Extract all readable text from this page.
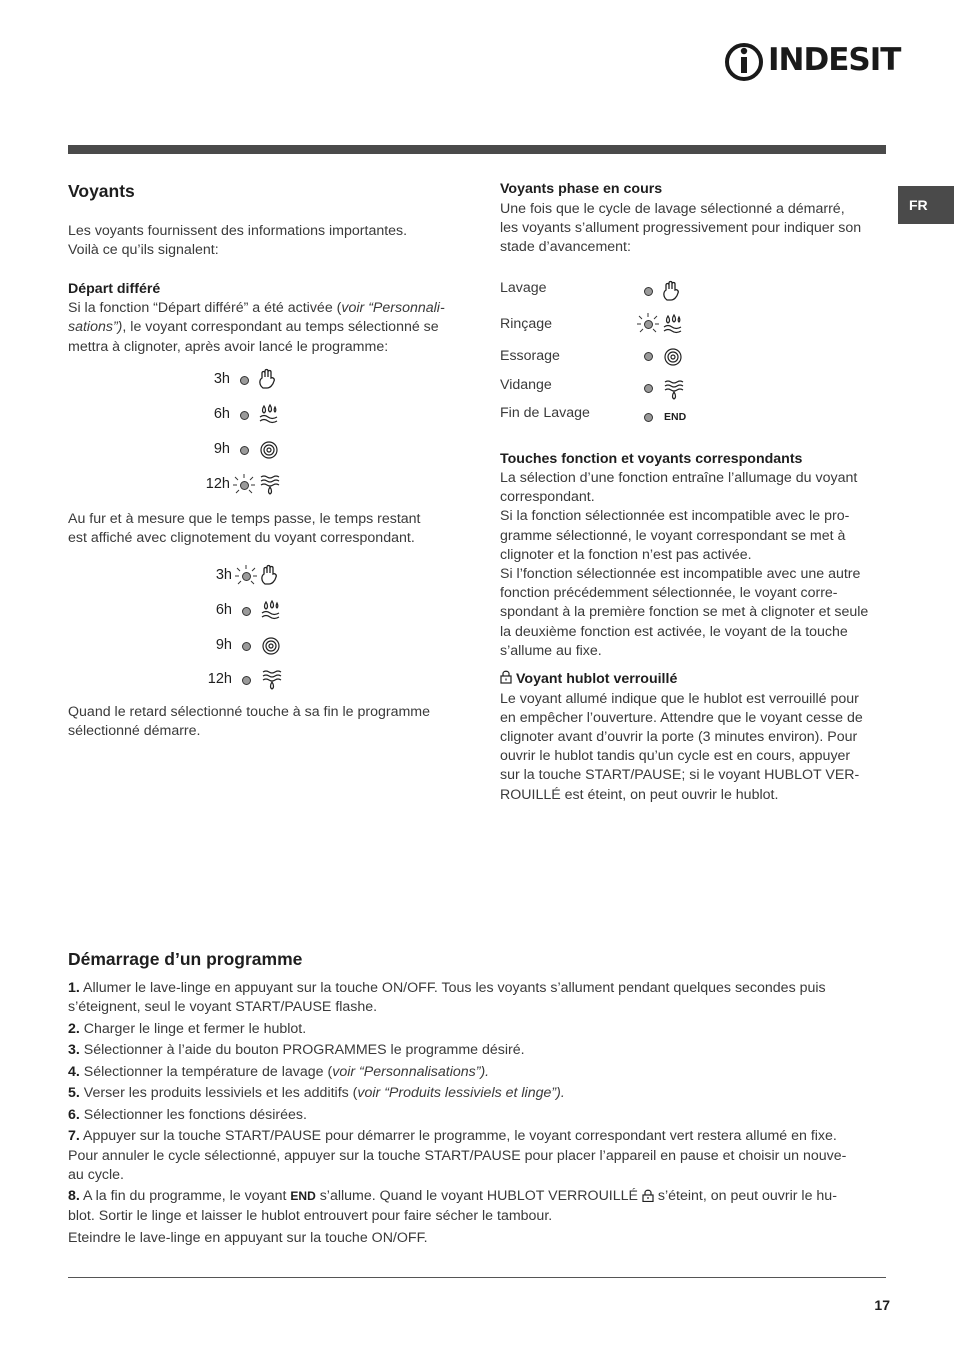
INDESIT
FR
Voyants

Les voyants fournissent des informations importantes.

Voilà ce qu’ils signalent:

Départ différé

Si la fonction “Départ différé” a été activée (voir “Personnali-

sations”), le voyant correspondant au temps sélectionné se

mettra à clignoter, après avoir lancé le programme:

3h
6h
9h
12h

Au fur et à mesure que le temps passe, le temps restant

est affiché avec clignotement du voyant correspondant.

3h
6h
9h
12h

Quand le retard sélectionné touche à sa fin le programme

sélectionné démarre.

Voyants phase en cours

Une fois que le cycle de lavage sélectionné a démarré,

les voyants s’allument progressivement pour indiquer son

stade d’avancement:

Lavage
Rinçage
Essorage
Vidange
Fin de Lavage	END

Touches fonction et voyants correspondants

La sélection d’une fonction entraîne l’allumage du voyant

correspondant.

Si la fonction sélectionnée est incompatible avec le pro-

gramme sélectionné, le voyant correspondant se met à

clignoter et la fonction n’est pas activée.

Si l’fonction sélectionnée est incompatible avec une autre

fonction précédemment sélectionnée, le voyant corre-

spondant à la première fonction se met à clignoter et seule

la deuxième fonction est activée, le voyant de la touche

s’allume au fixe.

Voyant hublot verrouillé

Le voyant allumé indique que le hublot est verrouillé pour

en empêcher l’ouverture. Attendre que le voyant cesse de

clignoter avant d’ouvrir la porte (3 minutes environ). Pour

ouvrir le hublot tandis qu’un cycle est en cours, appuyer

sur la touche START/PAUSE; si le voyant HUBLOT VER-

ROUILLÉ est éteint, on peut ouvrir le hublot.

Démarrage d’un programme

1. Allumer le lave-linge en appuyant sur la touche ON/OFF. Tous les voyants s’allument pendant quelques secondes puis

s’éteignent, seul le voyant START/PAUSE flashe.

2. Charger le linge et fermer le hublot.

3. Sélectionner à l’aide du bouton PROGRAMMES le programme désiré.

4. Sélectionner la température de lavage (voir “Personnalisations”).

5. Verser les produits lessiviels et les additifs (voir “Produits lessiviels et linge”).

6. Sélectionner les fonctions désirées.

7. Appuyer sur la touche START/PAUSE pour démarrer le programme, le voyant correspondant vert restera allumé en fixe.

Pour annuler le cycle sélectionné, appuyer sur la touche START/PAUSE pour placer l’appareil en pause et choisir un nouve-

au cycle.

8. A la fin du programme, le voyant END s’allume. Quand le voyant HUBLOT VERROUILLÉ  s’éteint, on peut ouvrir le hu-

blot. Sortir le linge et laisser le hublot entrouvert pour faire sécher le tambour.

Eteindre le lave-linge en appuyant sur la touche ON/OFF.

17
